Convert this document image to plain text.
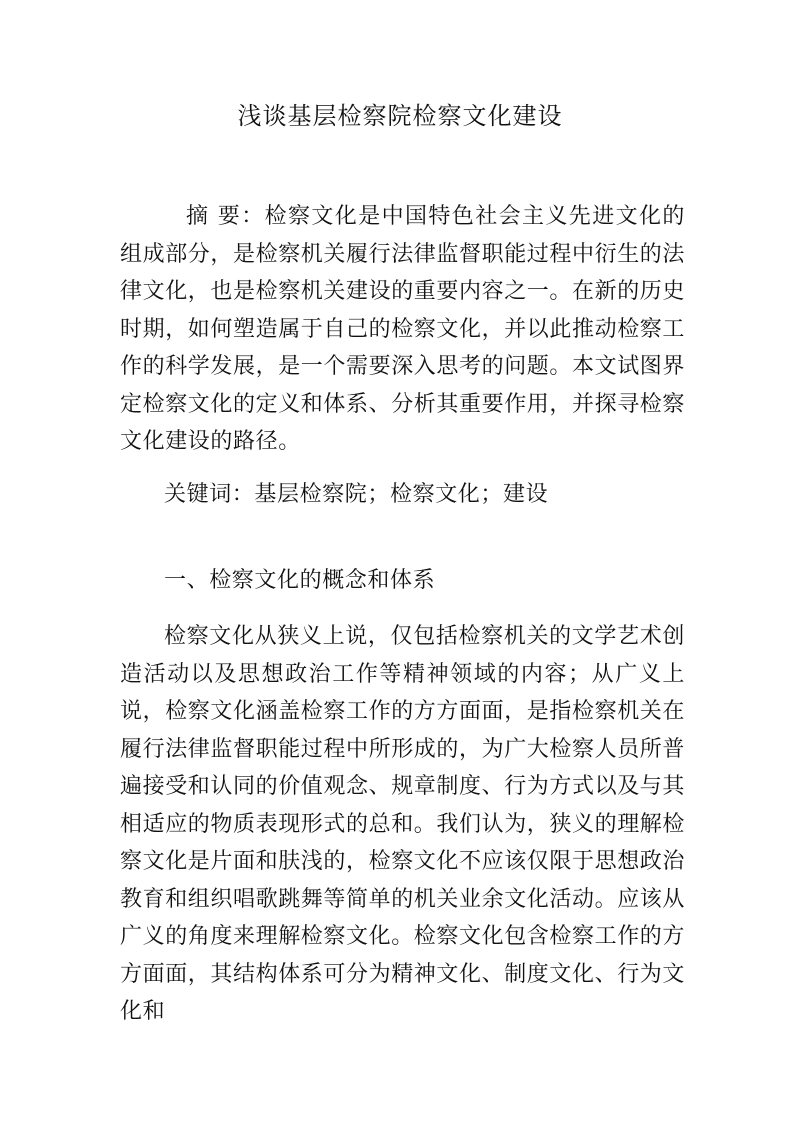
浅谈基层检察院检察文化建设

摘 要：检察文化是中国特色社会主义先进文化的组成部分，是检察机关履行法律监督职能过程中衍生的法律文化，也是检察机关建设的重要内容之一。在新的历史时期，如何塑造属于自己的检察文化，并以此推动检察工作的科学发展，是一个需要深入思考的问题。本文试图界定检察文化的定义和体系、分析其重要作用，并探寻检察文化建设的路径。

关键词：基层检察院；检察文化；建设

一、检察文化的概念和体系

检察文化从狭义上说，仅包括检察机关的文学艺术创造活动以及思想政治工作等精神领域的内容；从广义上说，检察文化涵盖检察工作的方方面面，是指检察机关在履行法律监督职能过程中所形成的，为广大检察人员所普遍接受和认同的价值观念、规章制度、行为方式以及与其相适应的物质表现形式的总和。我们认为，狭义的理解检察文化是片面和肤浅的，检察文化不应该仅限于思想政治教育和组织唱歌跳舞等简单的机关业余文化活动。应该从广义的角度来理解检察文化。检察文化包含检察工作的方方面面，其结构体系可分为精神文化、制度文化、行为文化和
